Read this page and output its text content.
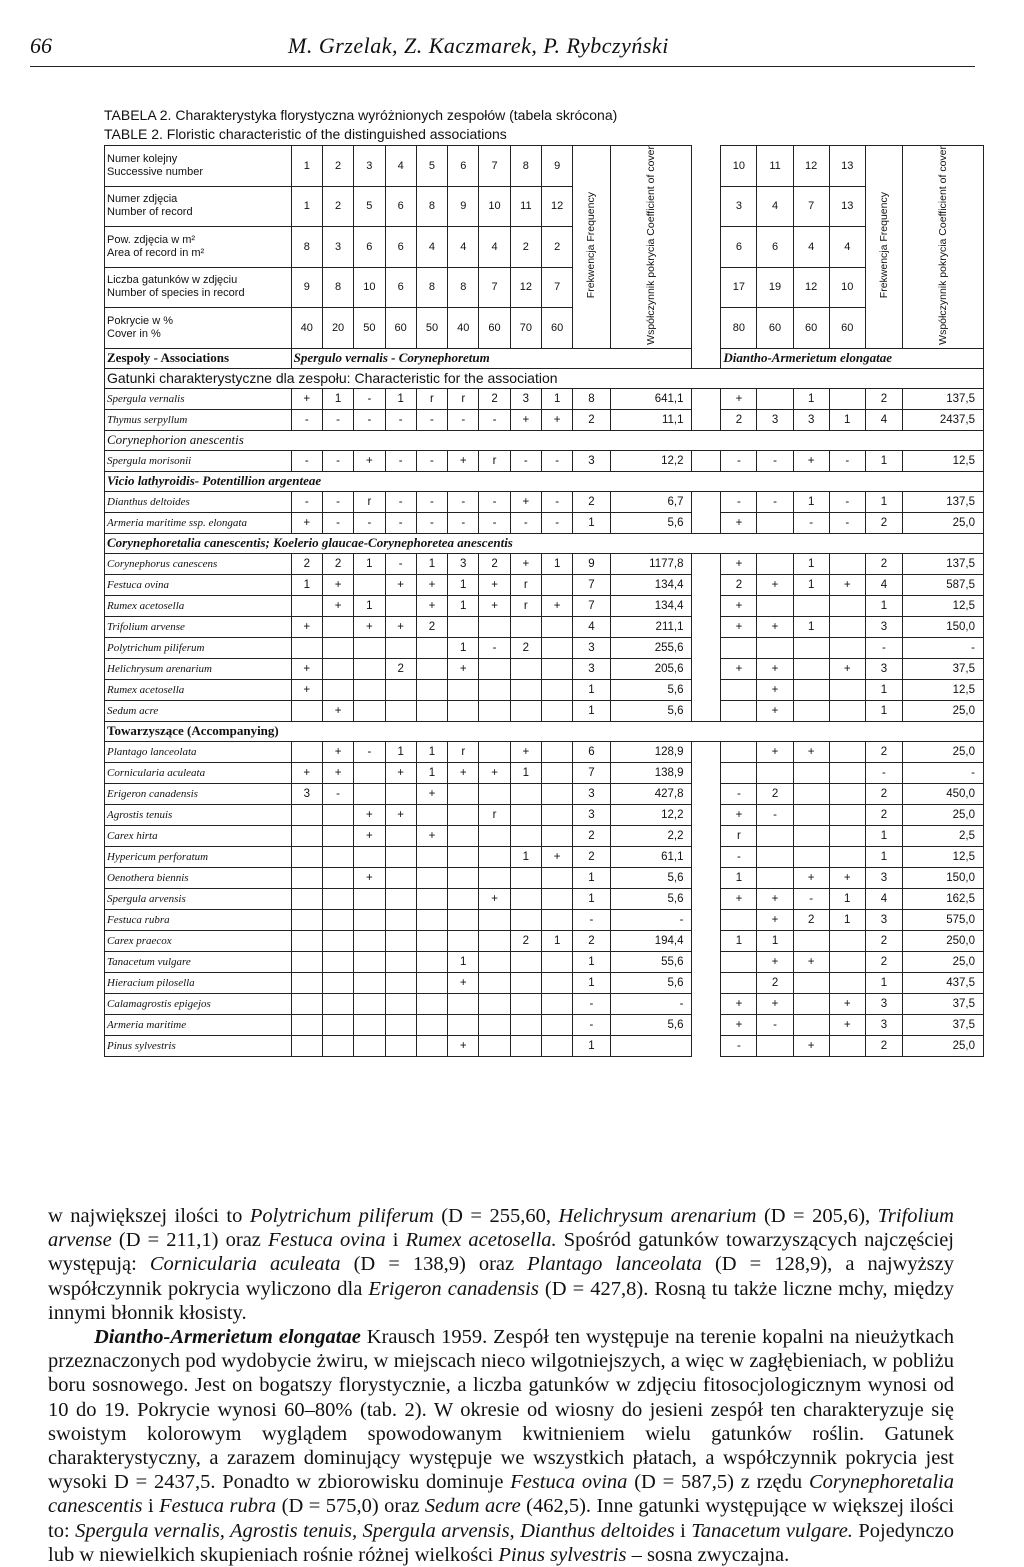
66	M. Grzelak, Z. Kaczmarek, P. Rybczyński
TABELA 2. Charakterystyka florystyczna wyróżnionych zespołów (tabela skrócona)
TABLE 2. Floristic characteristic of the distinguished associations
Numer kolejny
Successive number	1	2	3	4	5	6	7	8	9	Frekwencja Frequency	Współczynnik pokrycia Coefficient of cover		10	11	12	13	Frekwencja Frequency	Współczynnik pokrycia Coefficient of cover
Numer zdjęcia
Number of record	1	2	5	6	8	9	10	11	12				3	4	7	13		
Pow. zdjęcia w m²
Area of record in m²	8	3	6	6	4	4	4	2	2				6	6	4	4		
Liczba gatunków w zdjęciu
Number of species in record	9	8	10	6	8	8	7	12	7				17	19	12	10		
Pokrycie w %
Cover in %	40	20	50	60	50	40	60	70	60				80	60	60	60		
Zespoły - Associations	Spergulo vernalis - Corynephoretum												Diantho-Armerietum elongatae					
Gatunki charakterystyczne dla zespołu: Characteristic for the association																		
Spergula vernalis	+	1	-	1	r	r	2	3	1	8	641,1		+		1		2	137,5
Thymus serpyllum	-	-	-	-	-	-	-	+	+	2	11,1		2	3	3	1	4	2437,5
Corynephorion anescentis																		
Spergula morisonii	-	-	+	-	-	+	r	-	-	3	12,2		-	-	+	-	1	12,5
Vicio lathyroidis- Potentillion argenteae																		
Dianthus deltoides	-	-	r	-	-	-	-	+	-	2	6,7		-	-	1	-	1	137,5
Armeria maritime ssp. elongata	+	-	-	-	-	-	-	-	-	1	5,6		+		-	-	2	25,0
Corynephoretalia canescentis; Koelerio glaucae-Corynephoretea anescentis																		
Corynephorus canescens	2	2	1	-	1	3	2	+	1	9	1177,8		+		1		2	137,5
Festuca ovina	1	+		+	+	1	+	r		7	134,4		2	+	1	+	4	587,5
Rumex acetosella		+	1		+	1	+	r	+	7	134,4		+				1	12,5
Trifolium arvense	+		+	+	2					4	211,1		+	+	1		3	150,0
Polytrichum piliferum						1	-	2		3	255,6						-	-
Helichrysum arenarium	+			2		+				3	205,6		+	+		+	3	37,5
Rumex acetosella	+									1	5,6			+			1	12,5
Sedum acre		+								1	5,6			+			1	25,0
Towarzyszące (Accompanying)																		
Plantago lanceolata		+	-	1	1	r		+		6	128,9			+	+		2	25,0
Cornicularia aculeata	+	+		+	1	+	+	1		7	138,9						-	-
Erigeron canadensis	3	-			+					3	427,8		-	2			2	450,0
Agrostis tenuis			+	+			r			3	12,2		+	-			2	25,0
Carex hirta			+		+					2	2,2		r				1	2,5
Hypericum perforatum								1	+	2	61,1		-				1	12,5
Oenothera biennis			+							1	5,6		1		+	+	3	150,0
Spergula arvensis							+			1	5,6		+	+	-	1	4	162,5
Festuca rubra										-	-			+	2	1	3	575,0
Carex praecox								2	1	2	194,4		1	1			2	250,0
Tanacetum vulgare						1				1	55,6			+	+		2	25,0
Hieracium pilosella						+				1	5,6			2			1	437,5
Calamagrostis epigejos										-	-		+	+		+	3	37,5
Armeria maritime										-	5,6		+	-		+	3	37,5
Pinus sylvestris						+				1			-		+		2	25,0

w największej ilości to Polytrichum piliferum (D = 255,60, Helichrysum arenarium (D = 205,6), Trifolium arvense (D = 211,1) oraz Festuca ovina i Rumex acetosella. Spośród gatunków towarzyszących najczęściej występują: Cornicularia aculeata (D = 138,9) oraz Plantago lanceolata (D = 128,9), a najwyższy współczynnik pokrycia wyliczono dla Erigeron canadensis (D = 427,8). Rosną tu także liczne mchy, między innymi błonnik kłosisty.

Diantho-Armerietum elongatae Krausch 1959. Zespół ten występuje na terenie kopalni na nieużytkach przeznaczonych pod wydobycie żwiru, w miejscach nieco wilgotniejszych, a więc w zagłębieniach, w pobliżu boru sosnowego. Jest on bogatszy florystycznie, a liczba gatunków w zdjęciu fitosocjologicznym wynosi od 10 do 19. Pokrycie wynosi 60–80% (tab. 2). W okresie od wiosny do jesieni zespół ten charakteryzuje się swoistym kolorowym wyglądem spowodowanym kwitnieniem wielu gatunków roślin. Gatunek charakterystyczny, a zarazem dominujący występuje we wszystkich płatach, a współczynnik pokrycia jest wysoki D = 2437,5. Ponadto w zbiorowisku dominuje Festuca ovina (D = 587,5) z rzędu Corynephoretalia canescentis i Festuca rubra (D = 575,0) oraz Sedum acre (462,5). Inne gatunki występujące w większej ilości to: Spergula vernalis, Agrostis tenuis, Spergula arvensis, Dianthus deltoides i Tanacetum vulgare. Pojedynczo lub w niewielkich skupieniach rośnie różnej wielkości Pinus sylvestris – sosna zwyczajna.
